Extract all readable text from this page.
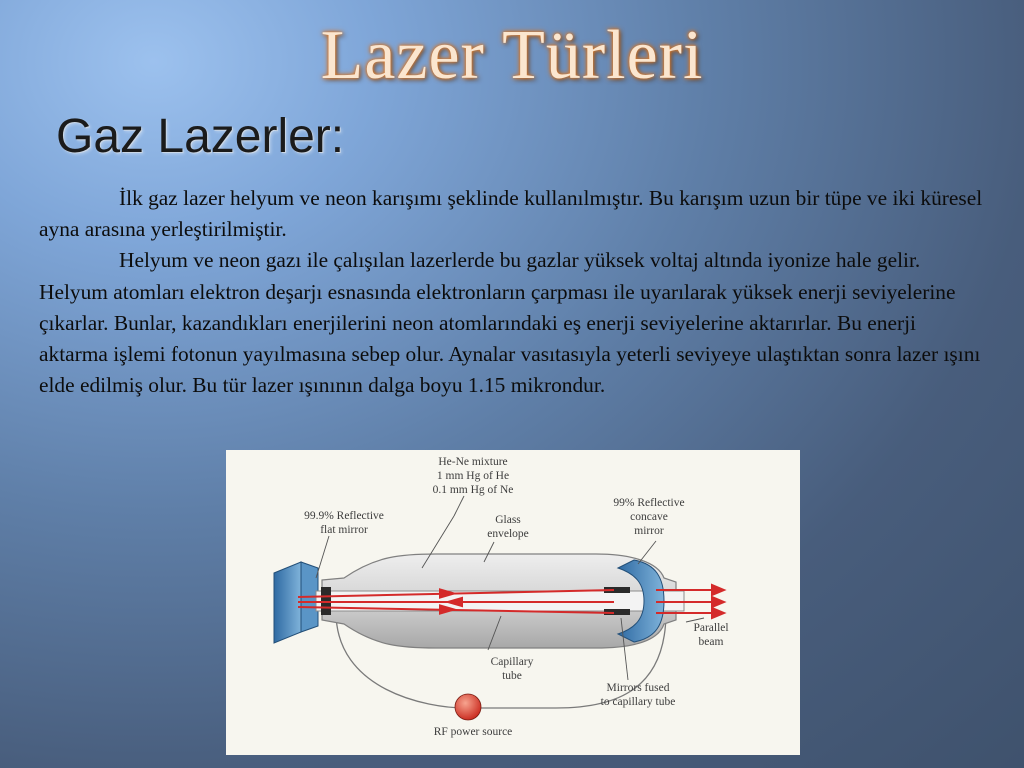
Lazer Türleri
Gaz Lazerler:

İlk gaz lazer helyum ve neon karışımı şeklinde kullanılmıştır. Bu karışım uzun bir tüpe ve iki küresel ayna arasına yerleştirilmiştir.

Helyum ve neon gazı ile çalışılan lazerlerde bu gazlar yüksek voltaj altında iyonize hale gelir. Helyum atomları elektron deşarjı esnasında elektronların çarpması ile uyarılarak yüksek enerji seviyelerine çıkarlar. Bunlar, kazandıkları enerjilerini neon atomlarındaki eş enerji seviyelerine aktarırlar. Bu enerji aktarma işlemi fotonun yayılmasına sebep olur. Aynalar vasıtasıyla yeterli seviyeye ulaştıktan sonra lazer ışını elde edilmiş olur. Bu tür lazer ışınının dalga boyu 1.15 mikrondur.

He-Ne mixture
1 mm Hg of He
0.1 mm Hg of Ne
99.9% Reflective
flat mirror
Glass
envelope
99% Reflective
concave
mirror
Parallel
beam
Capillary
tube
Mirrors fused
to capillary tube
RF power source
